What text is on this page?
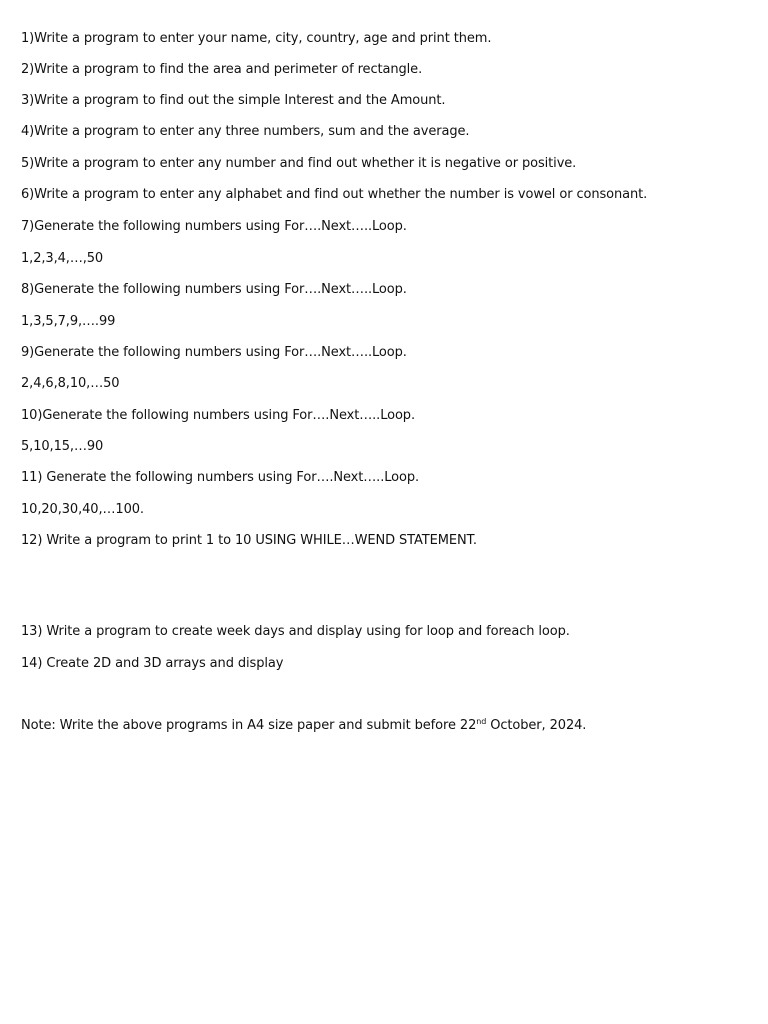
1)Write a program to enter your name, city, country, age and print them.
2)Write a program to find the area and perimeter of rectangle.
3)Write a program to find out the simple Interest and the Amount.
4)Write a program to enter any three numbers, sum and the average.
5)Write a program to enter any number and find out whether it is negative or positive.
6)Write a program to enter any alphabet and find out whether the number is vowel or consonant.
7)Generate the following numbers using For….Next…..Loop.
1,2,3,4,…,50
8)Generate the following numbers using For….Next…..Loop.
1,3,5,7,9,….99
9)Generate the following numbers using For….Next…..Loop.
2,4,6,8,10,…50
10)Generate the following numbers using For….Next…..Loop.
5,10,15,…90
11) Generate the following numbers using For….Next…..Loop.
10,20,30,40,…100.
12) Write a program to print 1 to 10 USING WHILE…WEND STATEMENT.
13) Write a program to create week days and display using for loop and foreach loop.
14) Create 2D and 3D arrays and display
Note: Write the above programs in A4 size paper and submit before 22nd October, 2024.
